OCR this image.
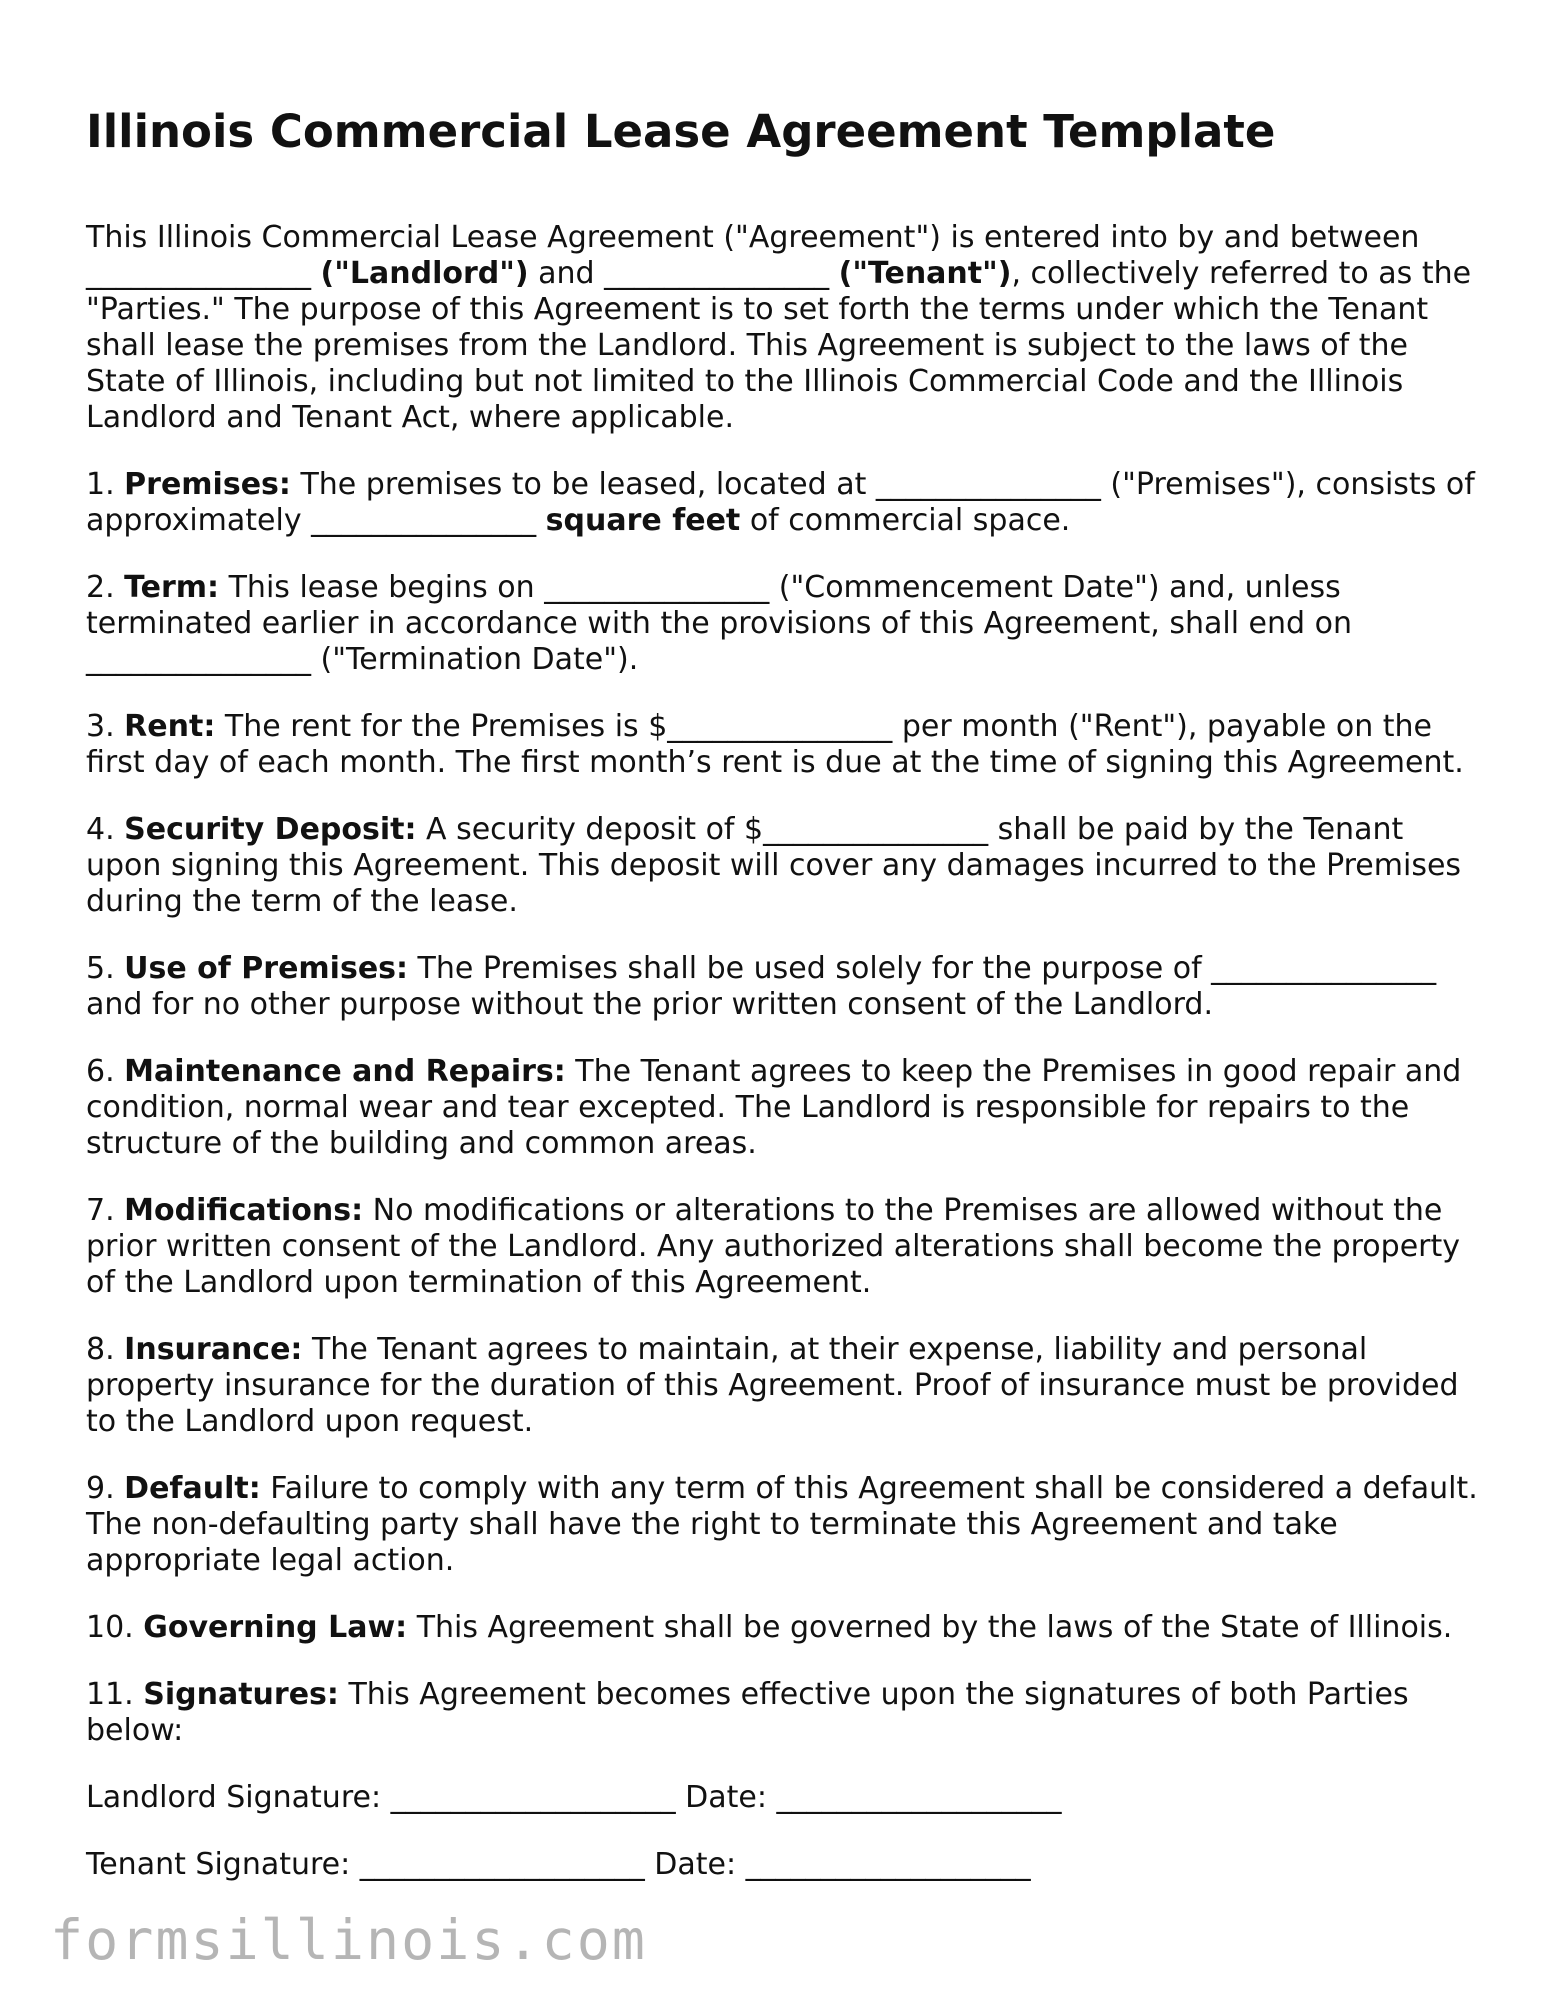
Illinois Commercial Lease Agreement Template

This Illinois Commercial Lease Agreement ("Agreement") is entered into by and between _______________ ("Landlord") and _______________ ("Tenant"), collectively referred to as the "Parties." The purpose of this Agreement is to set forth the terms under which the Tenant shall lease the premises from the Landlord. This Agreement is subject to the laws of the State of Illinois, including but not limited to the Illinois Commercial Code and the Illinois Landlord and Tenant Act, where applicable.

1. Premises: The premises to be leased, located at _______________ ("Premises"), consists of approximately _______________ square feet of commercial space.

2. Term: This lease begins on _______________ ("Commencement Date") and, unless terminated earlier in accordance with the provisions of this Agreement, shall end on _______________ ("Termination Date").

3. Rent: The rent for the Premises is $_______________ per month ("Rent"), payable on the first day of each month. The first month’s rent is due at the time of signing this Agreement.

4. Security Deposit: A security deposit of $_______________ shall be paid by the Tenant upon signing this Agreement. This deposit will cover any damages incurred to the Premises during the term of the lease.

5. Use of Premises: The Premises shall be used solely for the purpose of _______________ and for no other purpose without the prior written consent of the Landlord.

6. Maintenance and Repairs: The Tenant agrees to keep the Premises in good repair and condition, normal wear and tear excepted. The Landlord is responsible for repairs to the structure of the building and common areas.

7. Modifications: No modifications or alterations to the Premises are allowed without the prior written consent of the Landlord. Any authorized alterations shall become the property of the Landlord upon termination of this Agreement.

8. Insurance: The Tenant agrees to maintain, at their expense, liability and personal property insurance for the duration of this Agreement. Proof of insurance must be provided to the Landlord upon request.

9. Default: Failure to comply with any term of this Agreement shall be considered a default. The non-defaulting party shall have the right to terminate this Agreement and take appropriate legal action.

10. Governing Law: This Agreement shall be governed by the laws of the State of Illinois.

11. Signatures: This Agreement becomes effective upon the signatures of both Parties below:

Landlord Signature: ___________________ Date: ___________________
Tenant Signature: ___________________ Date: ___________________
formsillinois.com
